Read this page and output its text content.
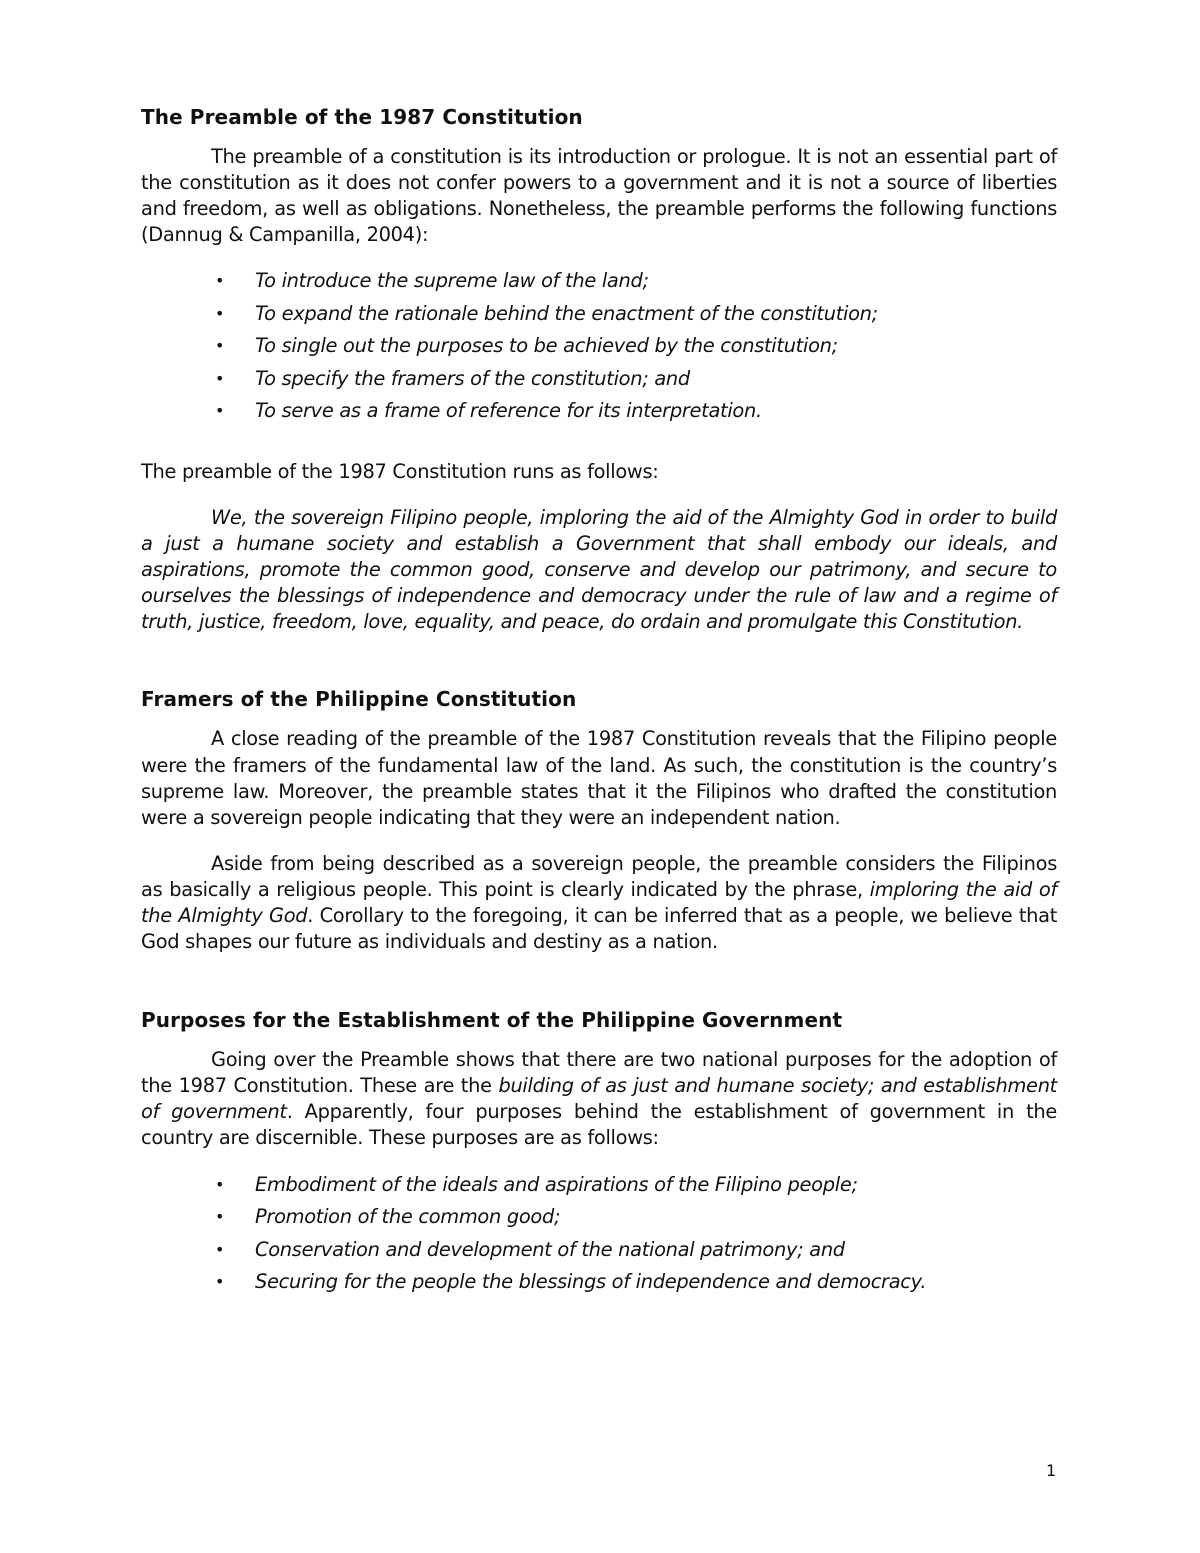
The Preamble of the 1987 Constitution

The preamble of a constitution is its introduction or prologue. It is not an essential part of the constitution as it does not confer powers to a government and it is not a source of liberties and freedom, as well as obligations. Nonetheless, the preamble performs the following functions (Dannug & Campanilla, 2004):

• To introduce the supreme law of the land;
• To expand the rationale behind the enactment of the constitution;
• To single out the purposes to be achieved by the constitution;
• To specify the framers of the constitution; and
• To serve as a frame of reference for its interpretation.

The preamble of the 1987 Constitution runs as follows:

We, the sovereign Filipino people, imploring the aid of the Almighty God in order to build a just a humane society and establish a Government that shall embody our ideals, and aspirations, promote the common good, conserve and develop our patrimony, and secure to ourselves the blessings of independence and democracy under the rule of law and a regime of truth, justice, freedom, love, equality, and peace, do ordain and promulgate this Constitution.

Framers of the Philippine Constitution

A close reading of the preamble of the 1987 Constitution reveals that the Filipino people were the framers of the fundamental law of the land. As such, the constitution is the country’s supreme law. Moreover, the preamble states that it the Filipinos who drafted the constitution were a sovereign people indicating that they were an independent nation.

Aside from being described as a sovereign people, the preamble considers the Filipinos as basically a religious people. This point is clearly indicated by the phrase, imploring the aid of the Almighty God. Corollary to the foregoing, it can be inferred that as a people, we believe that God shapes our future as individuals and destiny as a nation.

Purposes for the Establishment of the Philippine Government

Going over the Preamble shows that there are two national purposes for the adoption of the 1987 Constitution. These are the building of as just and humane society; and establishment of government. Apparently, four purposes behind the establishment of government in the country are discernible. These purposes are as follows:

• Embodiment of the ideals and aspirations of the Filipino people;
• Promotion of the common good;
• Conservation and development of the national patrimony; and
• Securing for the people the blessings of independence and democracy.
1
